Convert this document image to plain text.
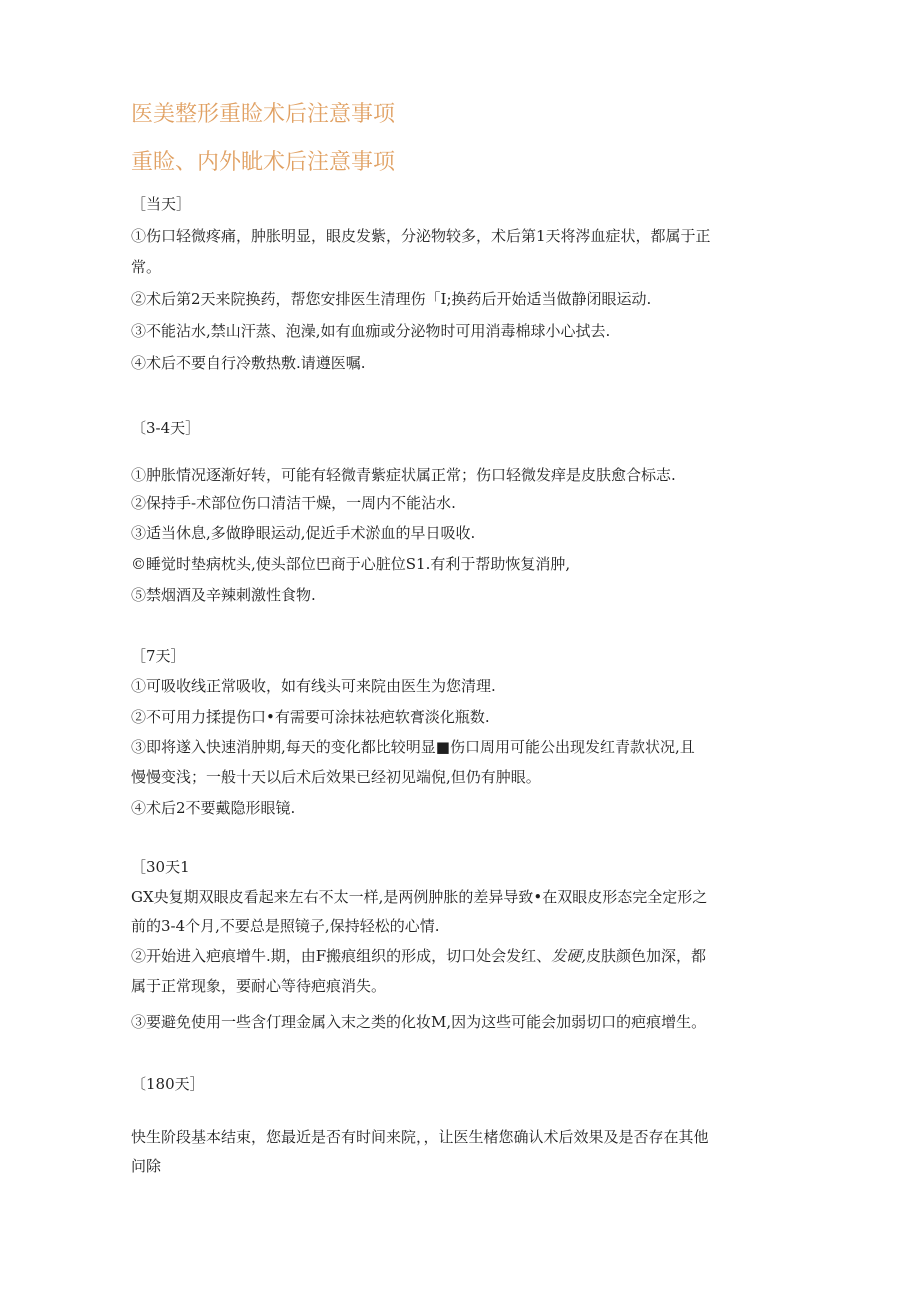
医美整形重睑术后注意事项
重睑、内外眦术后注意事项
［当天］
①伤口轻微疼痛，肿胀明显，眼皮发紫，分泌物较多，术后第1天将涔血症状，都属于正
常。
②术后第2天来院换药，帮您安排医生清理伤「I;换药后开始适当做静闭眼运动.
③不能沾水,禁山汗蒸、泡澡,如有血痂或分泌物时可用消毒棉球小心拭去.
④术后不要自行冷敷热敷.请遵医嘱.
〔3-4天］
①肿胀情况逐渐好转，可能有轻微青紫症状属正常；伤口轻微发痒是皮肤愈合标志.
②保持手-术部位伤口清洁干燥，一周内不能沾水.
③适当休息,多做睁眼运动,促近手术淤血的早日吸收.
©睡觉时垫病枕头,使头部位巴商于心脏位S1.有利于帮助恢复消肿,
⑤禁烟酒及辛辣刺激性食物.
［7天］
①可吸收线正常吸收，如有线头可来院由医生为您清理.
②不可用力揉提伤口•有需要可涂抹祛疤软膏淡化瓶数.
③即将遂入快速消肿期,每天的变化都比较明显■伤口周用可能公出现发红青款状况,且
慢慢变浅；一般十天以后术后效果已经初见端倪,但仍有肿眼。
④术后2不要戴隐形眼镜.
［30天1
GX央复期双眼皮看起来左右不太一样,是两例肿胀的差异导致•在双眼皮形态完全定形之
前的3-4个月,不要总是照镜子,保持轻松的心情.
②开始进入疤痕增牛.期，由F搬痕组织的形成，切口处会发红、发硬,皮肤颜色加深，都
属于正常现象，要耐心等待疤痕消失。
③要避免使用一些含仃理金属入末之类的化妆M,因为这些可能会加弱切口的疤痕增生。
〔180天］
快生阶段基本结束，您最近是否有时间来院，，让医生楮您确认术后效果及是否存在其他
问除
